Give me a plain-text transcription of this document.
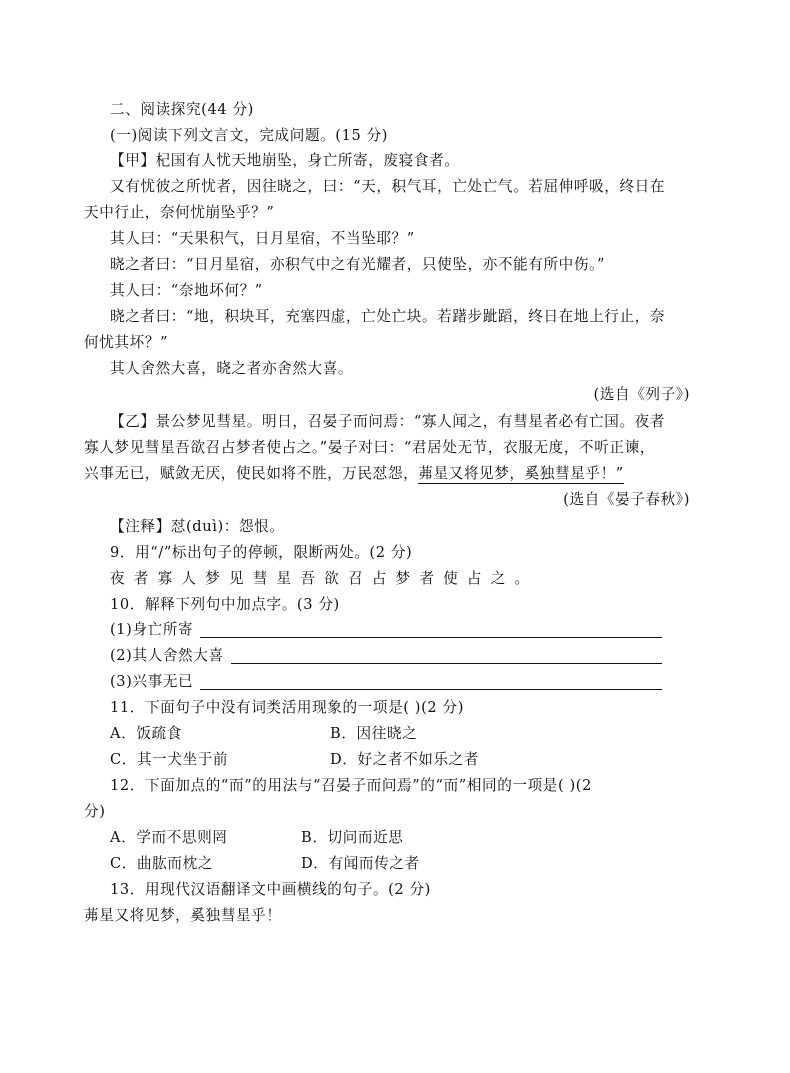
二、阅读探究(44 分)
(一)阅读下列文言文，完成问题。(15 分)
【甲】杞国有人忧天地崩坠，身亡所寄，废寝食者。
又有忧彼之所忧者，因往晓之，曰：“天，积气耳，亡处亡气。若屈伸呼吸，终日在
天中行止，奈何忧崩坠乎？”
其人曰：“天果积气，日月星宿，不当坠耶？”
晓之者曰：“日月星宿，亦积气中之有光耀者，只使坠，亦不能有所中伤。”
其人曰：“奈地坏何？”
晓之者曰：“地，积块耳，充塞四虚，亡处亡块。若躇步跐蹈，终日在地上行止，奈
何忧其坏？”
其人舍然大喜，晓之者亦舍然大喜。
(选自《列子》)
【乙】景公梦见彗星。明日，召晏子而问焉：“寡人闻之，有彗星者必有亡国。夜者
寡人梦见彗星吾欲召占梦者使占之。”晏子对曰：“君居处无节，衣服无度，不听正谏，
兴事无已，赋敛无厌，使民如将不胜，万民怼怨，茀星又将见梦，奚独彗星乎！”
(选自《晏子春秋》)
【注释】怼(duì)：怨恨。
9．用“/”标出句子的停顿，限断两处。(2 分)
夜者寡人梦见彗星吾欲召占梦者使占之。
10．解释下列句中加点字。(3 分)
(1)身亡所寄
(2)其人舍然大喜
(3)兴事无已
11．下面句子中没有词类活用现象的一项是( )(2 分)
A．饭疏食	B．因往晓之
C．其一犬坐于前	D．好之者不如乐之者
12．下面加点的“而”的用法与“召晏子而问焉”的“而”相同的一项是( )(2
分)
A．学而不思则罔	B．切问而近思
C．曲肱而枕之	D．有闻而传之者
13．用现代汉语翻译文中画横线的句子。(2 分)
茀星又将见梦，奚独彗星乎！
